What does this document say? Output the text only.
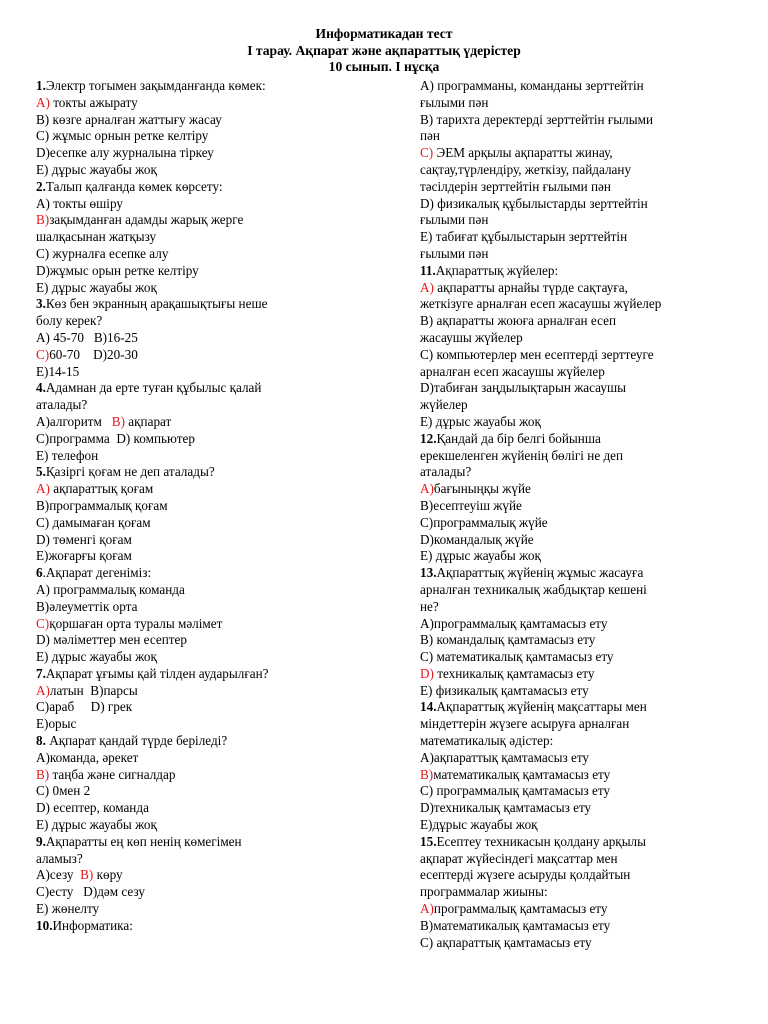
Информатикадан тест
І тарау. Ақпарат және ақпараттық үдерістер
10 сынып. І нұсқа
1.Электр тогымен зақымданғанда көмек:
А) токты ажырату
В) көзге арналған жаттығу жасау
С) жұмыс орнын ретке келтіру
D)есепке алу журналына тіркеу
Е) дұрыс жауабы жоқ
2.Талып қалғанда көмек көрсету:
А) токты өшіру
В)зақымданған адамды жарық жерге
шалқасынан жатқызу
С) журналға есепке алу
D)жұмыс орын ретке келтіру
Е) дұрыс жауабы жоқ
3.Көз бен экранның арақашықтығы неше
болу керек?
А) 45-70   В)16-25
С)60-70    D)20-30
Е)14-15
4.Адамнан да ерте туған құбылыс қалай
аталады?
А)алгоритм   В) ақпарат
С)программа  D) компьютер
Е) телефон
5.Қазіргі қоғам не деп аталады?
А) ақпараттық қоғам
В)программалық қоғам
С) дамымаған қоғам
D) төменгі қоғам
Е)жоғарғы қоғам
6.Ақпарат дегеніміз:
А) программалық команда
В)әлеуметтік орта
С)қоршаған орта туралы мәлімет
D) мәліметтер мен есептер
Е) дұрыс жауабы жоқ
7.Ақпарат ұғымы қай тілден аударылған?
А)латын  В)парсы
С)араб     D) грек
Е)орыс
8. Ақпарат қандай түрде беріледі?
А)команда, әрекет
В) таңба және сигналдар
С) 0мен 2
D) есептер, команда
Е) дұрыс жауабы жоқ
9.Ақпаратты ең көп ненің көмегімен
аламыз?
А)сезу  В) көру
С)есту   D)дәм сезу
Е) жөнелту
10.Информатика:
А) программаны, команданы зерттейтін
ғылыми пән
В) тарихта деректерді зерттейтін ғылыми
пән
С) ЭЕМ арқылы ақпаратты жинау,
сақтау,түрлендіру, жеткізу, пайдалану
тәсілдерін зерттейтін ғылыми пән
D) физикалық құбылыстарды зерттейтін
ғылыми пән
Е) табиғат құбылыстарын зерттейтін
ғылыми пән
11.Ақпараттық жүйелер:
А) ақпаратты арнайы түрде сақтауға,
жеткізуге арналған есеп жасаушы жүйелер
В) ақпаратты жоюға арналған есеп
жасаушы жүйелер
С) компьютерлер мен есептерді зерттеуге
арналған есеп жасаушы жүйелер
D)табиған заңдылықтарын жасаушы
жүйелер
Е) дұрыс жауабы жоқ
12.Қандай да бір белгі бойынша
ерекшеленген жүйенің бөлігі не деп
аталады?
А)бағыныңқы жүйе
В)есептеуіш жүйе
С)программалық жүйе
D)командалық жүйе
Е) дұрыс жауабы жоқ
13.Ақпараттық жүйенің жұмыс жасауға
арналған техникалық жабдықтар кешені
не?
А)программалық қамтамасыз ету
В) командалық қамтамасыз ету
С) математикалық қамтамасыз ету
D) техникалық қамтамасыз ету
Е) физикалық қамтамасыз ету
14.Ақпараттық жүйенің мақсаттары мен
міндеттерін жүзеге асыруға арналған
математикалық әдістер:
А)ақпараттық қамтамасыз ету
В)математикалық қамтамасыз ету
С) программалық қамтамасыз ету
D)техникалық қамтамасыз ету
Е)дұрыс жауабы жоқ
15.Есептеу техникасын қолдану арқылы
ақпарат жүйесіндегі мақсаттар мен
есептерді жүзеге асыруды қолдайтын
программалар жиыны:
А)программалық қамтамасыз ету
В)математикалық қамтамасыз ету
С) ақпараттық қамтамасыз ету
